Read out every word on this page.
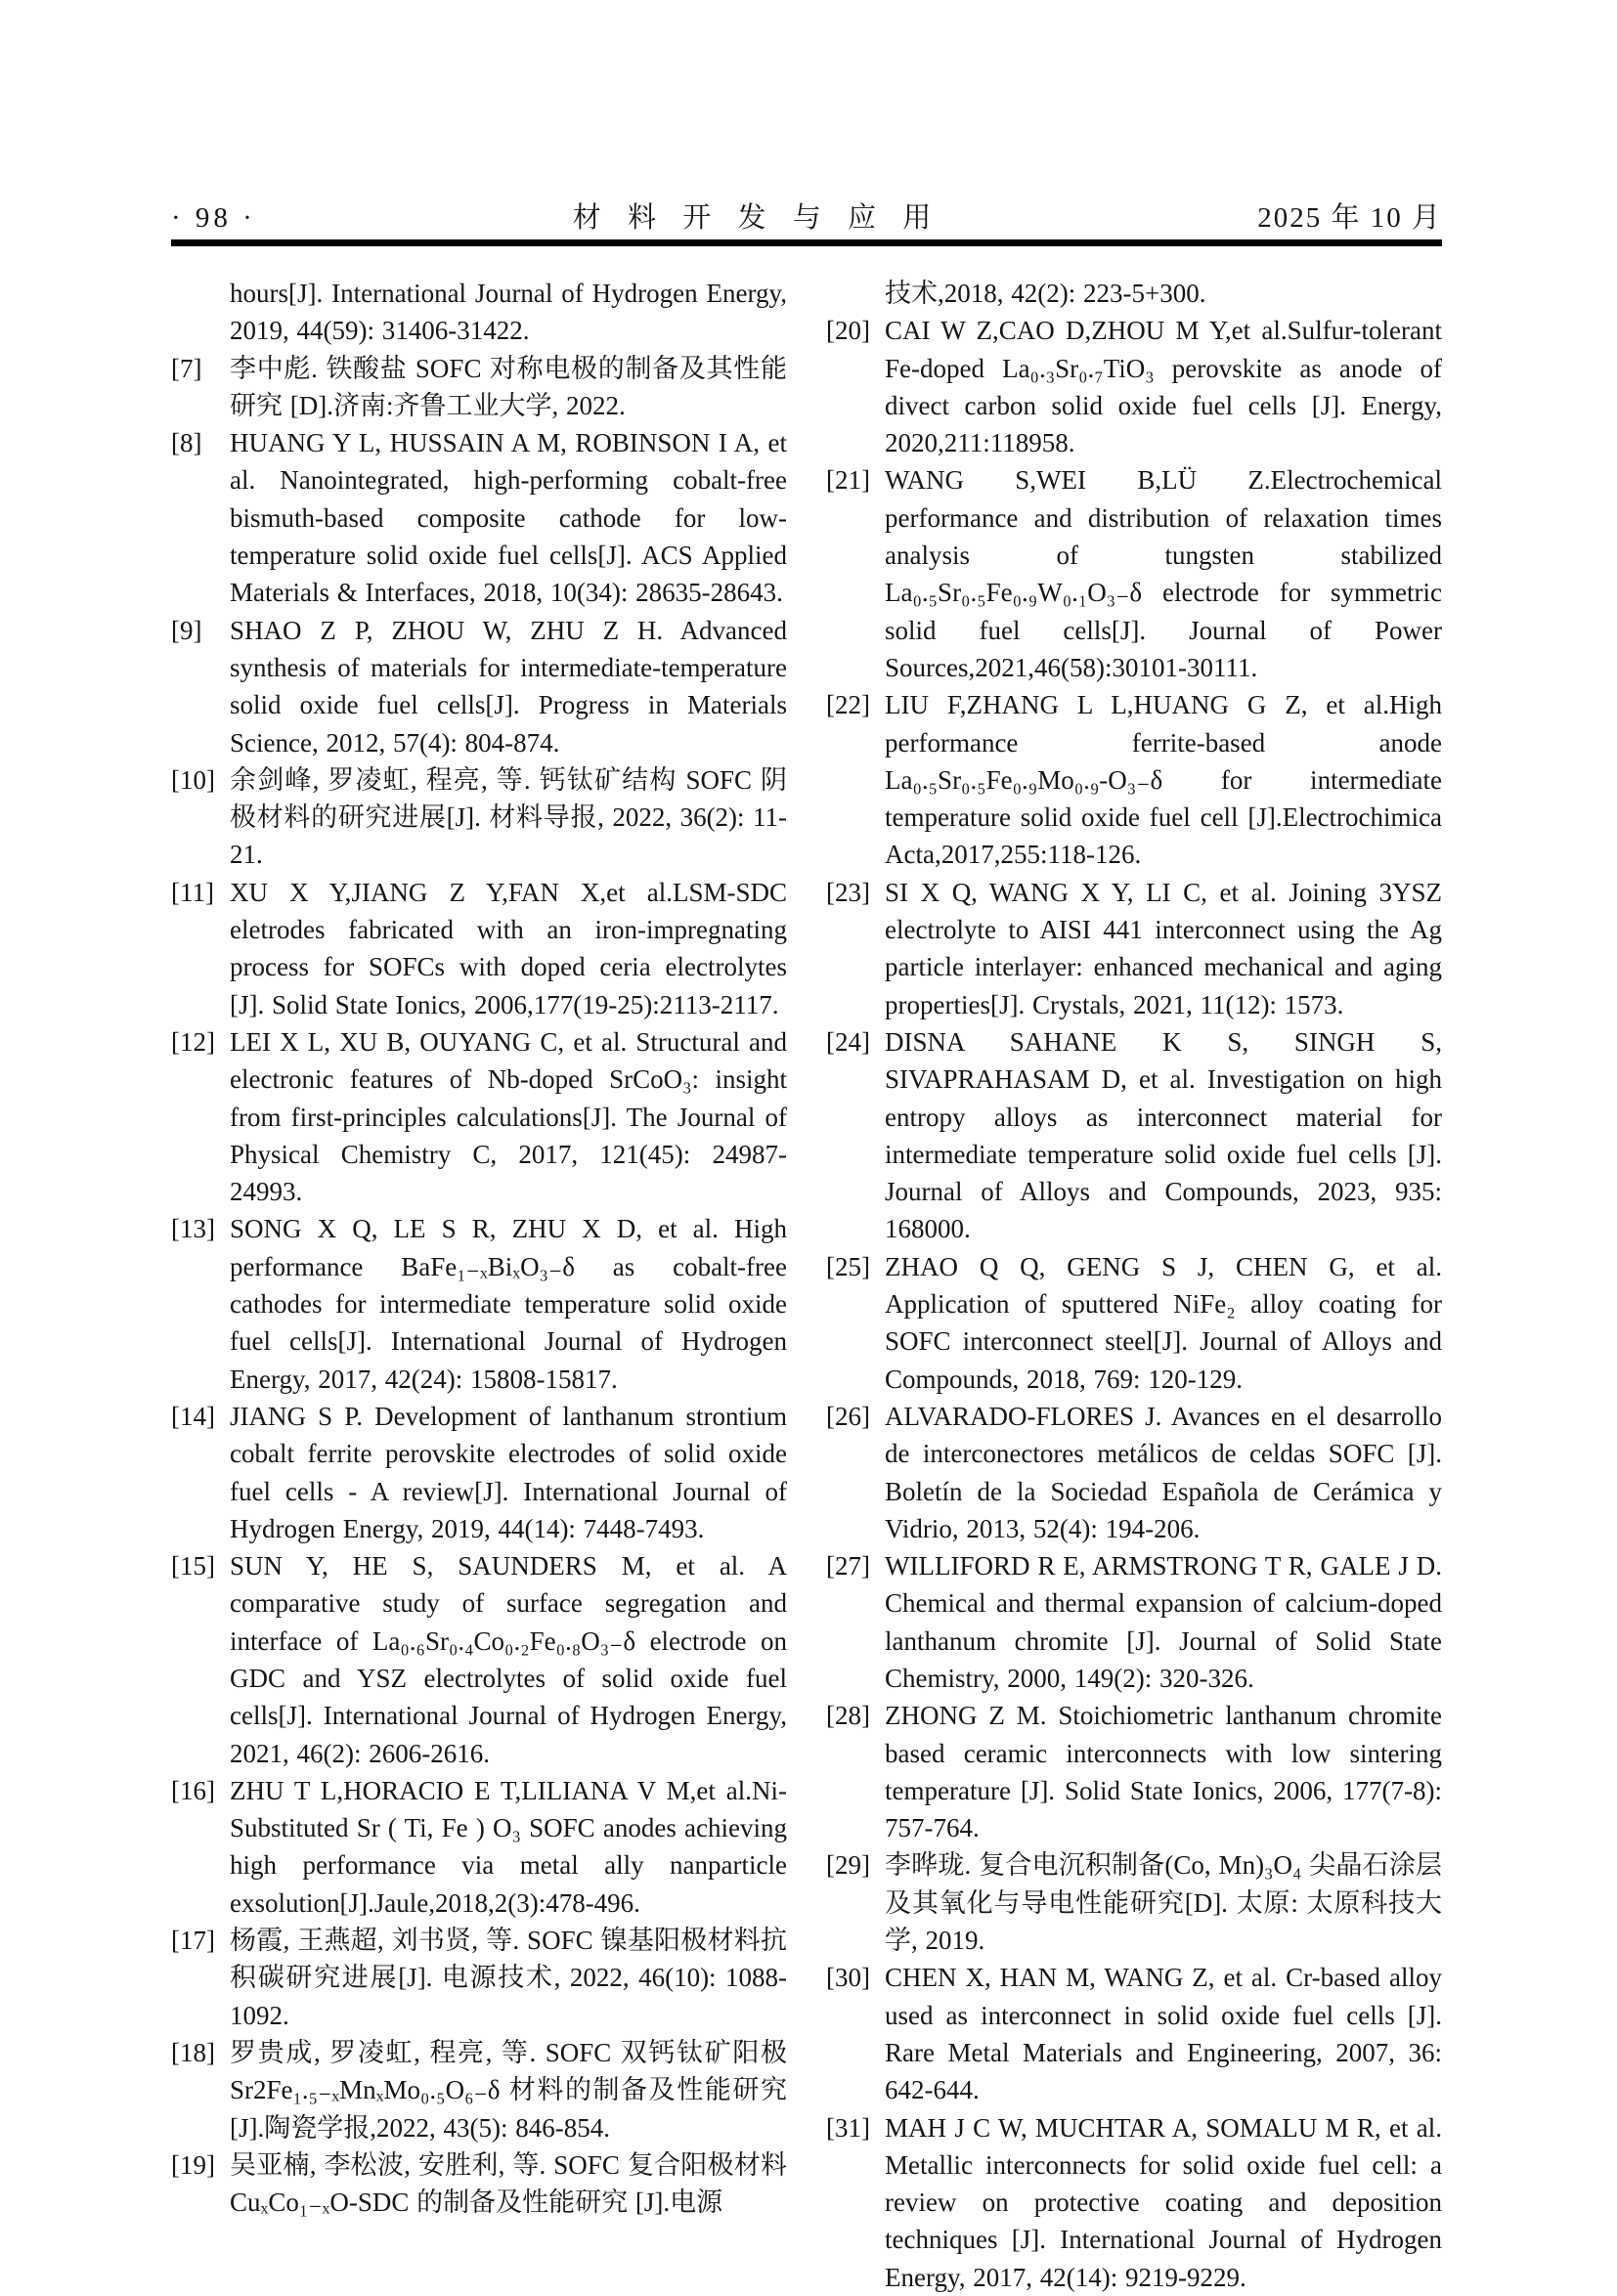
· 98 ·	材 料 开 发 与 应 用	2025 年 10 月
hours[J]. International Journal of Hydrogen Energy, 2019, 44(59): 31406-31422.
[7] 李中彪. 铁酸盐 SOFC 对称电极的制备及其性能研究 [D].济南:齐鲁工业大学, 2022.
[8] HUANG Y L, HUSSAIN A M, ROBINSON I A, et al. Nanointegrated, high-performing cobalt-free bismuth-based composite cathode for low-temperature solid oxide fuel cells[J]. ACS Applied Materials & Interfaces, 2018, 10(34): 28635-28643.
[9] SHAO Z P, ZHOU W, ZHU Z H. Advanced synthesis of materials for intermediate-temperature solid oxide fuel cells[J]. Progress in Materials Science, 2012, 57(4): 804-874.
[10] 余剑峰, 罗凌虹, 程亮, 等. 钙钛矿结构 SOFC 阴极材料的研究进展[J]. 材料导报, 2022, 36(2): 11-21.
[11] XU X Y,JIANG Z Y,FAN X,et al.LSM-SDC eletrodes fabricated with an iron-impregnating process for SOFCs with doped ceria electrolytes [J]. Solid State Ionics, 2006,177(19-25):2113-2117.
[12] LEI X L, XU B, OUYANG C, et al. Structural and electronic features of Nb-doped SrCoO₃: insight from first-principles calculations[J]. The Journal of Physical Chemistry C, 2017, 121(45): 24987-24993.
[13] SONG X Q, LE S R, ZHU X D, et al. High performance BaFe₁₋ₓBiₓO₃₋δ as cobalt-free cathodes for intermediate temperature solid oxide fuel cells[J]. International Journal of Hydrogen Energy, 2017, 42(24): 15808-15817.
[14] JIANG S P. Development of lanthanum strontium cobalt ferrite perovskite electrodes of solid oxide fuel cells - A review[J]. International Journal of Hydrogen Energy, 2019, 44(14): 7448-7493.
[15] SUN Y, HE S, SAUNDERS M, et al. A comparative study of surface segregation and interface of La₀.₆Sr₀.₄Co₀.₂Fe₀.₈O₃₋δ electrode on GDC and YSZ electrolytes of solid oxide fuel cells[J]. International Journal of Hydrogen Energy, 2021, 46(2): 2606-2616.
[16] ZHU T L,HORACIO E T,LILIANA V M,et al.Ni-Substituted Sr ( Ti, Fe ) O₃ SOFC anodes achieving high performance via metal ally nanparticle exsolution[J].Jaule,2018,2(3):478-496.
[17] 杨霞, 王燕超, 刘书贤, 等. SOFC 镍基阳极材料抗积碳研究进展[J]. 电源技术, 2022, 46(10): 1088-1092.
[18] 罗贵成, 罗凌虹, 程亮, 等. SOFC 双钙钛矿阳极 Sr2Fe₁.₅₋ₓMnₓMo₀.₅O₆₋δ 材料的制备及性能研究 [J].陶瓷学报,2022, 43(5): 846-854.
[19] 吴亚楠, 李松波, 安胜利, 等. SOFC 复合阳极材料 CuₓCo₁₋ₓO-SDC 的制备及性能研究 [J].电源
技术,2018, 42(2): 223-5+300.
[20] CAI W Z,CAO D,ZHOU M Y,et al.Sulfur-tolerant Fe-doped La₀.₃Sr₀.₇TiO₃ perovskite as anode of divect carbon solid oxide fuel cells [J]. Energy, 2020,211:118958.
[21] WANG S,WEI B,LÜ Z.Electrochemical performance and distribution of relaxation times analysis of tungsten stabilized La₀.₅Sr₀.₅Fe₀.₉W₀.₁O₃₋δ electrode for symmetric solid fuel cells[J]. Journal of Power Sources,2021,46(58):30101-30111.
[22] LIU F,ZHANG L L,HUANG G Z, et al.High performance ferrite-based anode La₀.₅Sr₀.₅Fe₀.₉Mo₀.₉-O₃₋δ for intermediate temperature solid oxide fuel cell [J].Electrochimica Acta,2017,255:118-126.
[23] SI X Q, WANG X Y, LI C, et al. Joining 3YSZ electrolyte to AISI 441 interconnect using the Ag particle interlayer: enhanced mechanical and aging properties[J]. Crystals, 2021, 11(12): 1573.
[24] DISNA SAHANE K S, SINGH S, SIVAPRAHASAM D, et al. Investigation on high entropy alloys as interconnect material for intermediate temperature solid oxide fuel cells [J]. Journal of Alloys and Compounds, 2023, 935: 168000.
[25] ZHAO Q Q, GENG S J, CHEN G, et al. Application of sputtered NiFe₂ alloy coating for SOFC interconnect steel[J]. Journal of Alloys and Compounds, 2018, 769: 120-129.
[26] ALVARADO-FLORES J. Avances en el desarrollo de interconectores metálicos de celdas SOFC [J]. Boletín de la Sociedad Española de Cerámica y Vidrio, 2013, 52(4): 194-206.
[27] WILLIFORD R E, ARMSTRONG T R, GALE J D. Chemical and thermal expansion of calcium-doped lanthanum chromite [J]. Journal of Solid State Chemistry, 2000, 149(2): 320-326.
[28] ZHONG Z M. Stoichiometric lanthanum chromite based ceramic interconnects with low sintering temperature [J]. Solid State Ionics, 2006, 177(7-8): 757-764.
[29] 李晔珑. 复合电沉积制备(Co, Mn)₃O₄ 尖晶石涂层及其氧化与导电性能研究[D]. 太原: 太原科技大学, 2019.
[30] CHEN X, HAN M, WANG Z, et al. Cr-based alloy used as interconnect in solid oxide fuel cells [J]. Rare Metal Materials and Engineering, 2007, 36: 642-644.
[31] MAH J C W, MUCHTAR A, SOMALU M R, et al. Metallic interconnects for solid oxide fuel cell: a review on protective coating and deposition techniques [J]. International Journal of Hydrogen Energy, 2017, 42(14): 9219-9229.
